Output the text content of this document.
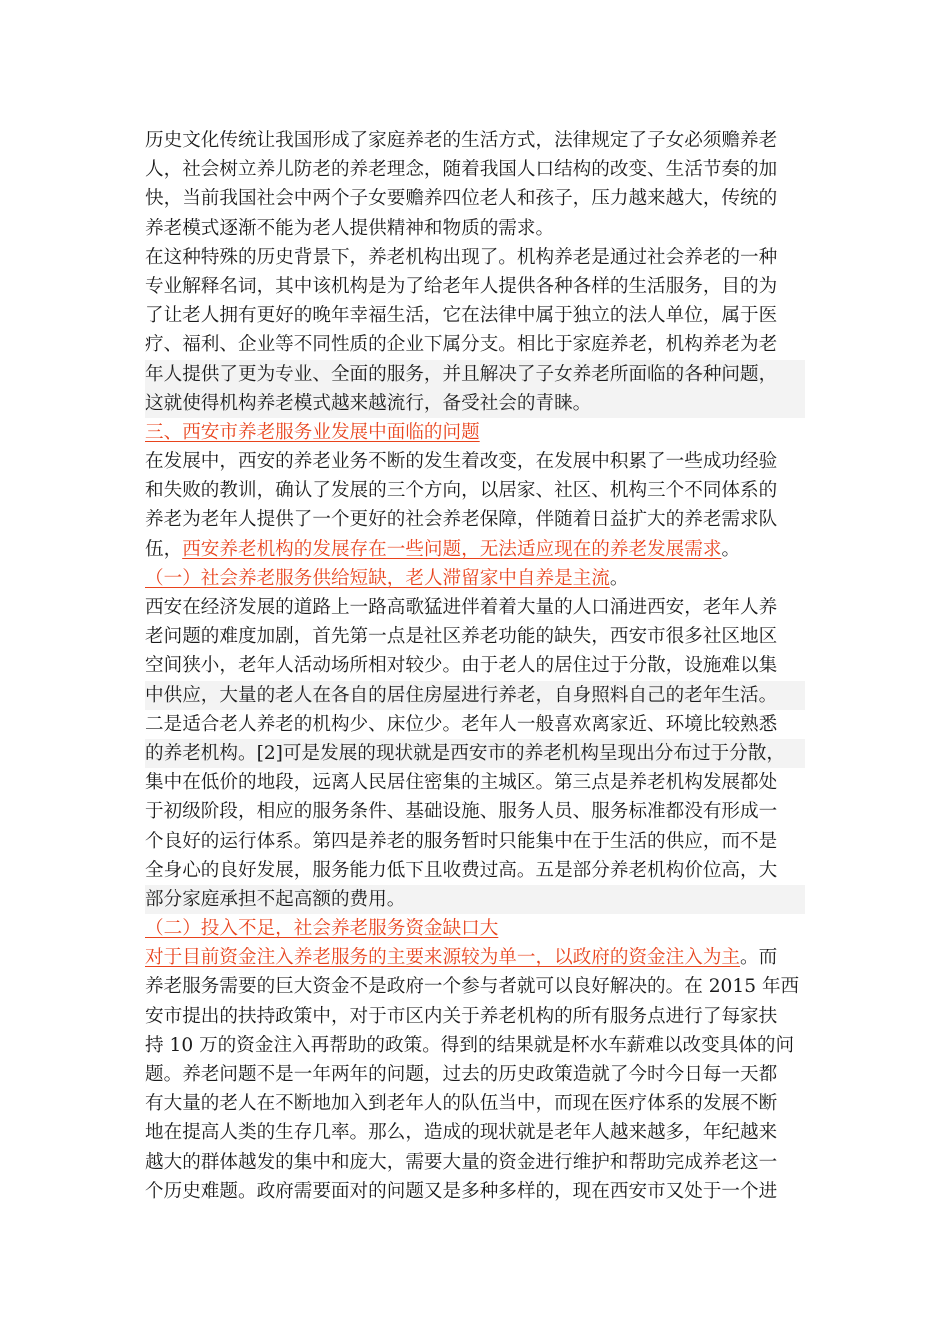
历史文化传统让我国形成了家庭养老的生活方式，法律规定了子女必须赡养老
人，社会树立养儿防老的养老理念，随着我国人口结构的改变、生活节奏的加
快，当前我国社会中两个子女要赡养四位老人和孩子，压力越来越大，传统的
养老模式逐渐不能为老人提供精神和物质的需求。
在这种特殊的历史背景下，养老机构出现了。机构养老是通过社会养老的一种
专业解释名词，其中该机构是为了给老年人提供各种各样的生活服务，目的为
了让老人拥有更好的晚年幸福生活，它在法律中属于独立的法人单位，属于医
疗、福利、企业等不同性质的企业下属分支。相比于家庭养老，机构养老为老
年人提供了更为专业、全面的服务，并且解决了子女养老所面临的各种问题，
这就使得机构养老模式越来越流行，备受社会的青睐。
三、西安市养老服务业发展中面临的问题
在发展中，西安的养老业务不断的发生着改变，在发展中积累了一些成功经验
和失败的教训，确认了发展的三个方向，以居家、社区、机构三个不同体系的
养老为老年人提供了一个更好的社会养老保障，伴随着日益扩大的养老需求队
伍，西安养老机构的发展存在一些问题，无法适应现在的养老发展需求。
（一）社会养老服务供给短缺，老人滞留家中自养是主流。
西安在经济发展的道路上一路高歌猛进伴着着大量的人口涌进西安，老年人养
老问题的难度加剧，首先第一点是社区养老功能的缺失，西安市很多社区地区
空间狭小，老年人活动场所相对较少。由于老人的居住过于分散，设施难以集
中供应，大量的老人在各自的居住房屋进行养老，自身照料自己的老年生活。
二是适合老人养老的机构少、床位少。老年人一般喜欢离家近、环境比较熟悉
的养老机构。[2]可是发展的现状就是西安市的养老机构呈现出分布过于分散，
集中在低价的地段，远离人民居住密集的主城区。第三点是养老机构发展都处
于初级阶段，相应的服务条件、基础设施、服务人员、服务标准都没有形成一
个良好的运行体系。第四是养老的服务暂时只能集中在于生活的供应，而不是
全身心的良好发展，服务能力低下且收费过高。五是部分养老机构价位高，大
部分家庭承担不起高额的费用。
（二）投入不足，社会养老服务资金缺口大
对于目前资金注入养老服务的主要来源较为单一，以政府的资金注入为主。而
养老服务需要的巨大资金不是政府一个参与者就可以良好解决的。在 2015 年西
安市提出的扶持政策中，对于市区内关于养老机构的所有服务点进行了每家扶
持 10 万的资金注入再帮助的政策。得到的结果就是杯水车薪难以改变具体的问
题。养老问题不是一年两年的问题，过去的历史政策造就了今时今日每一天都
有大量的老人在不断地加入到老年人的队伍当中，而现在医疗体系的发展不断
地在提高人类的生存几率。那么，造成的现状就是老年人越来越多，年纪越来
越大的群体越发的集中和庞大，需要大量的资金进行维护和帮助完成养老这一
个历史难题。政府需要面对的问题又是多种多样的，现在西安市又处于一个进
